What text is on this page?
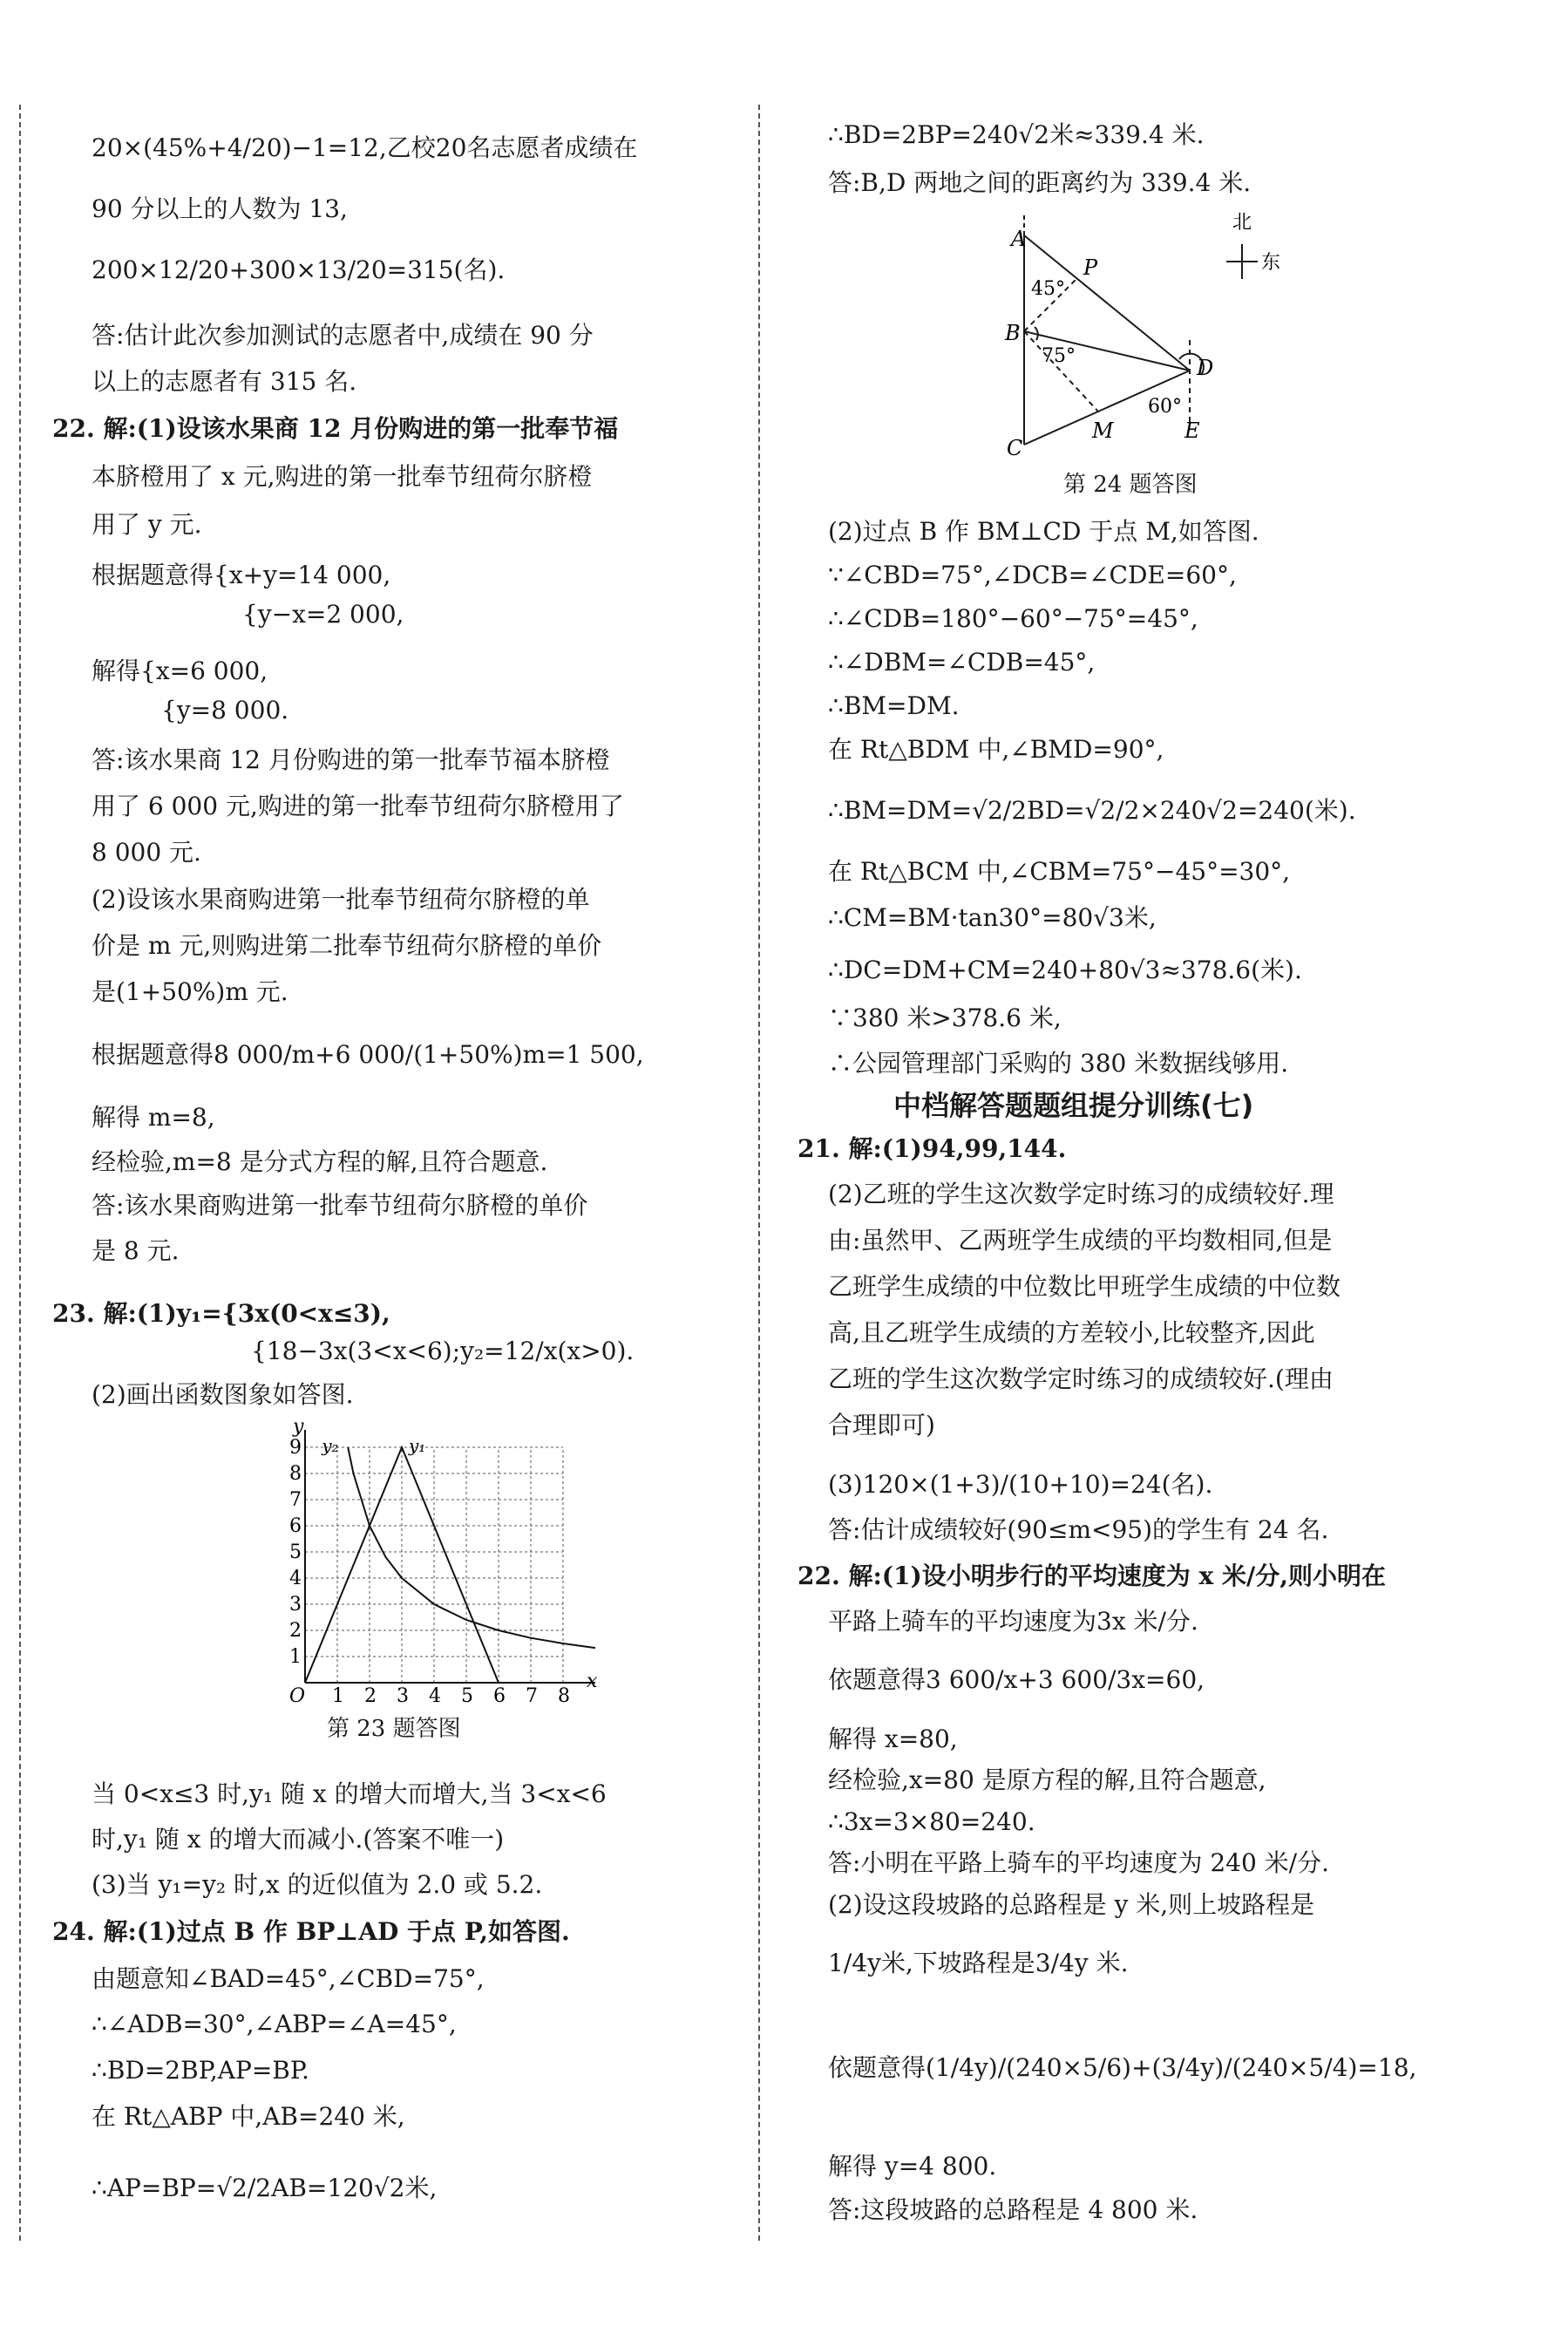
20×(45%+4/20)−1=12,乙校20名志愿者成绩在
90 分以上的人数为 13,
200×12/20+300×13/20=315(名).
答:估计此次参加测试的志愿者中,成绩在 90 分
以上的志愿者有 315 名.
22. 解:(1)设该水果商 12 月份购进的第一批奉节福
本脐橙用了 x 元,购进的第一批奉节纽荷尔脐橙
用了 y 元.
根据题意得{x+y=14 000,
{y−x=2 000,
解得{x=6 000,
{y=8 000.
答:该水果商 12 月份购进的第一批奉节福本脐橙
用了 6 000 元,购进的第一批奉节纽荷尔脐橙用了
8 000 元.
(2)设该水果商购进第一批奉节纽荷尔脐橙的单
价是 m 元,则购进第二批奉节纽荷尔脐橙的单价
是(1+50%)m 元.
根据题意得8 000/m+6 000/(1+50%)m=1 500,
解得 m=8,
经检验,m=8 是分式方程的解,且符合题意.
答:该水果商购进第一批奉节纽荷尔脐橙的单价
是 8 元.
23. 解:(1)y₁={3x(0<x≤3),
{18−3x(3<x<6);y₂=12/x(x>0).
(2)画出函数图象如答图.
O 1 2 3 4 5 6 7 8
1
2
3
4
5
6
7
8
9
x
y
y₁
y₂
第 23 题答图
当 0<x≤3 时,y₁ 随 x 的增大而增大,当 3<x<6
时,y₁ 随 x 的增大而减小.(答案不唯一)
(3)当 y₁=y₂ 时,x 的近似值为 2.0 或 5.2.
24. 解:(1)过点 B 作 BP⊥AD 于点 P,如答图.
由题意知∠BAD=45°,∠CBD=75°,
∴∠ADB=30°,∠ABP=∠A=45°,
∴BD=2BP,AP=BP.
在 Rt△ABP 中,AB=240 米,
∴AP=BP=√2/2AB=120√2米,
∴BD=2BP=240√2米≈339.4 米.
答:B,D 两地之间的距离约为 339.4 米.
A
P
45°
B
75°	D
60°
C
M	E
北
东
第 24 题答图
(2)过点 B 作 BM⊥CD 于点 M,如答图.
∵∠CBD=75°,∠DCB=∠CDE=60°,
∴∠CDB=180°−60°−75°=45°,
∴∠DBM=∠CDB=45°,
∴BM=DM.
在 Rt△BDM 中,∠BMD=90°,
∴BM=DM=√2/2BD=√2/2×240√2=240(米).
在 Rt△BCM 中,∠CBM=75°−45°=30°,
∴CM=BM·tan30°=80√3米,
∴DC=DM+CM=240+80√3≈378.6(米).
∵380 米>378.6 米,
∴公园管理部门采购的 380 米数据线够用.
中档解答题题组提分训练(七)
21. 解:(1)94,99,144.
(2)乙班的学生这次数学定时练习的成绩较好.理
由:虽然甲、乙两班学生成绩的平均数相同,但是
乙班学生成绩的中位数比甲班学生成绩的中位数
高,且乙班学生成绩的方差较小,比较整齐,因此
乙班的学生这次数学定时练习的成绩较好.(理由
合理即可)
(3)120×(1+3)/(10+10)=24(名).
答:估计成绩较好(90≤m<95)的学生有 24 名.
22. 解:(1)设小明步行的平均速度为 x 米/分,则小明在
平路上骑车的平均速度为3x 米/分.
依题意得3 600/x+3 600/3x=60,
解得 x=80,
经检验,x=80 是原方程的解,且符合题意,
∴3x=3×80=240.
答:小明在平路上骑车的平均速度为 240 米/分.
(2)设这段坡路的总路程是 y 米,则上坡路程是
1/4y米,下坡路程是3/4y 米.
依题意得(1/4y)/(240×5/6)+(3/4y)/(240×5/4)=18,
解得 y=4 800.
答:这段坡路的总路程是 4 800 米.
